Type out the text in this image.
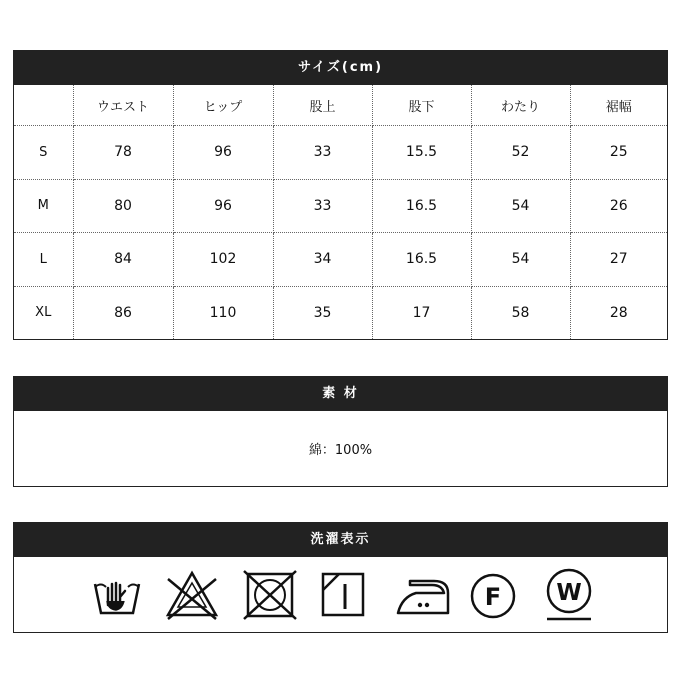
サイズ(cm)
	ウエスト	ヒップ	股上	股下	わたり	裾幅
S	78	96	33	15.5	52	25
M	80	96	33	16.5	54	26
L	84	102	34	16.5	54	27
XL	86	110	35	17	58	28
素 材
綿：100%
洗濯表示
F W
